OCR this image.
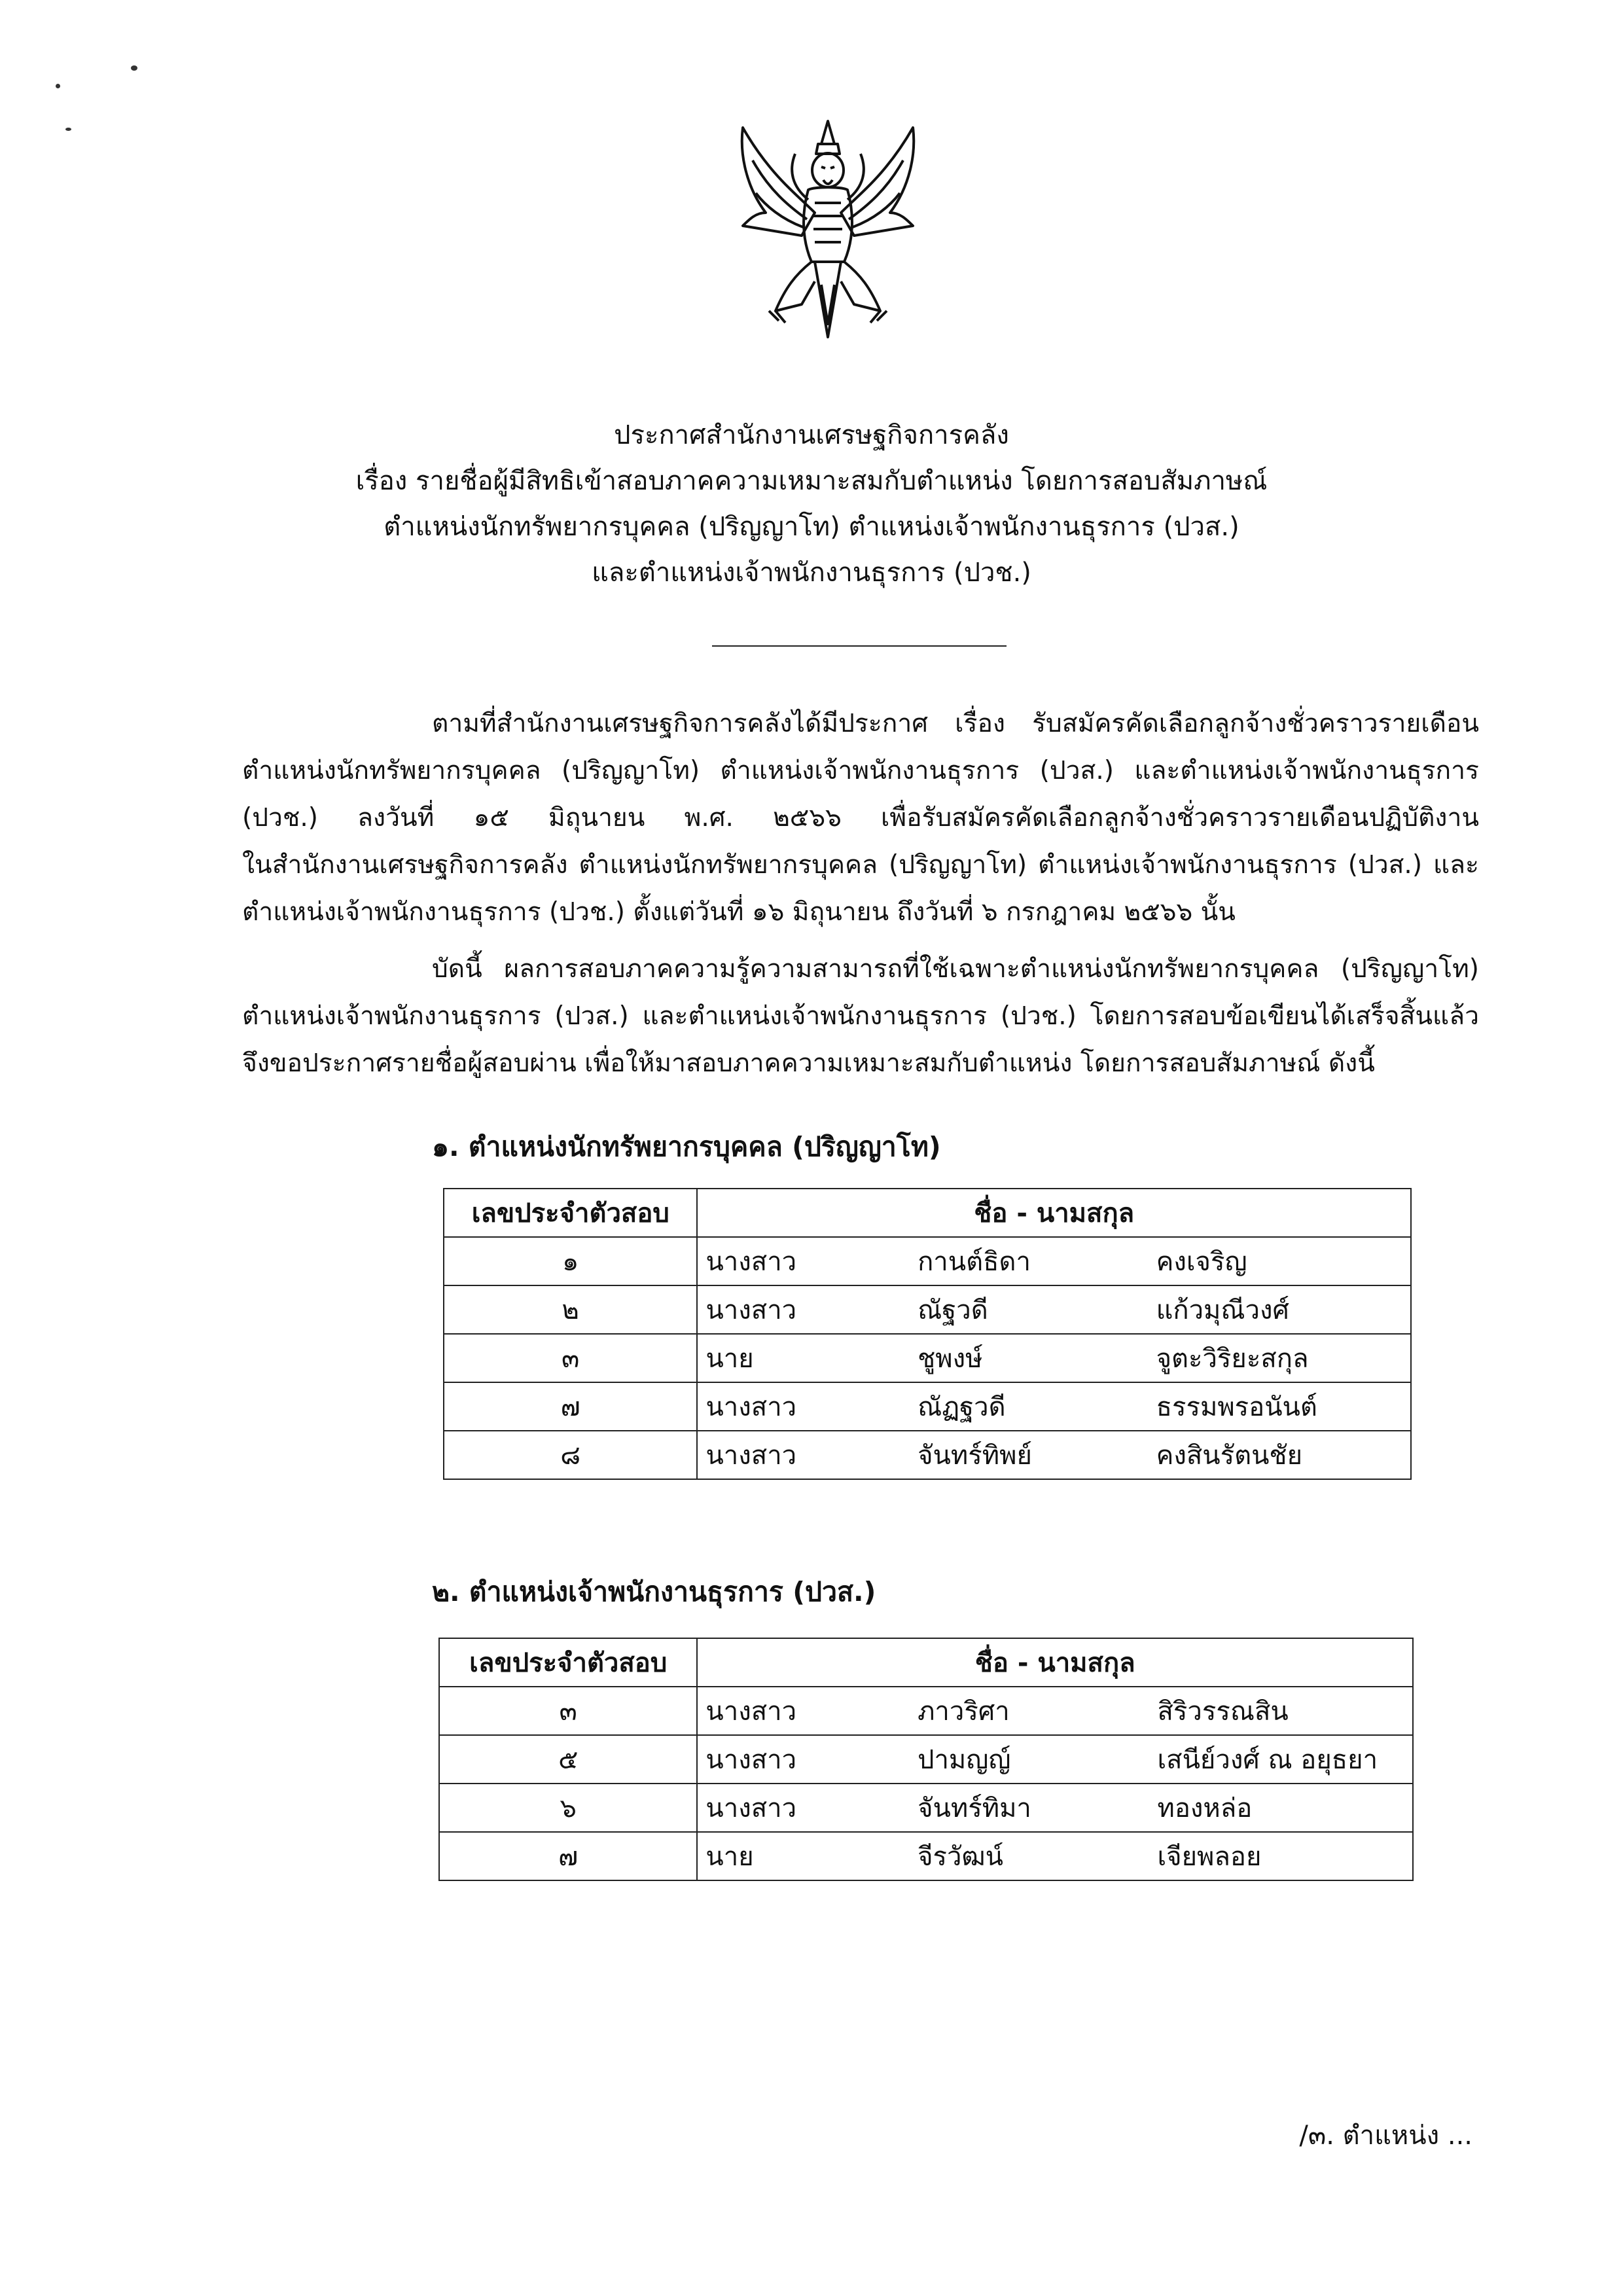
ประกาศสำนักงานเศรษฐกิจการคลัง
เรื่อง รายชื่อผู้มีสิทธิเข้าสอบภาคความเหมาะสมกับตำแหน่ง โดยการสอบสัมภาษณ์
ตำแหน่งนักทรัพยากรบุคคล (ปริญญาโท) ตำแหน่งเจ้าพนักงานธุรการ (ปวส.)
และตำแหน่งเจ้าพนักงานธุรการ (ปวช.)
ตามที่สำนักงานเศรษฐกิจการคลังได้มีประกาศ เรื่อง รับสมัครคัดเลือกลูกจ้างชั่วคราวรายเดือน
ตำแหน่งนักทรัพยากรบุคคล (ปริญญาโท) ตำแหน่งเจ้าพนักงานธุรการ (ปวส.) และตำแหน่งเจ้าพนักงานธุรการ
(ปวช.) ลงวันที่ ๑๕ มิถุนายน พ.ศ. ๒๕๖๖ เพื่อรับสมัครคัดเลือกลูกจ้างชั่วคราวรายเดือนปฏิบัติงาน
ในสำนักงานเศรษฐกิจการคลัง ตำแหน่งนักทรัพยากรบุคคล (ปริญญาโท) ตำแหน่งเจ้าพนักงานธุรการ (ปวส.) และ
ตำแหน่งเจ้าพนักงานธุรการ (ปวช.) ตั้งแต่วันที่ ๑๖ มิถุนายน ถึงวันที่ ๖ กรกฎาคม ๒๕๖๖ นั้น
บัดนี้ ผลการสอบภาคความรู้ความสามารถที่ใช้เฉพาะตำแหน่งนักทรัพยากรบุคคล (ปริญญาโท)
ตำแหน่งเจ้าพนักงานธุรการ (ปวส.) และตำแหน่งเจ้าพนักงานธุรการ (ปวช.) โดยการสอบข้อเขียนได้เสร็จสิ้นแล้ว
จึงขอประกาศรายชื่อผู้สอบผ่าน เพื่อให้มาสอบภาคความเหมาะสมกับตำแหน่ง โดยการสอบสัมภาษณ์ ดังนี้
๑. ตำแหน่งนักทรัพยากรบุคคล (ปริญญาโท)
เลขประจำตัวสอบ	ชื่อ - นามสกุล		
๑	นางสาว	กานต์ธิดา	คงเจริญ
๒	นางสาว	ณัฐวดี	แก้วมุณีวงศ์
๓	นาย	ชูพงษ์	จูตะวิริยะสกุล
๗	นางสาว	ณัฏฐวดี	ธรรมพรอนันต์
๘	นางสาว	จันทร์ทิพย์	คงสินรัตนชัย
๒. ตำแหน่งเจ้าพนักงานธุรการ (ปวส.)
เลขประจำตัวสอบ	ชื่อ - นามสกุล		
๓	นางสาว	ภาวริศา	สิริวรรณสิน
๕	นางสาว	ปามญญ์	เสนีย์วงศ์ ณ อยุธยา
๖	นางสาว	จันทร์ทิมา	ทองหล่อ
๗	นาย	จีรวัฒน์	เจียพลอย
/๓. ตำแหน่ง ...
